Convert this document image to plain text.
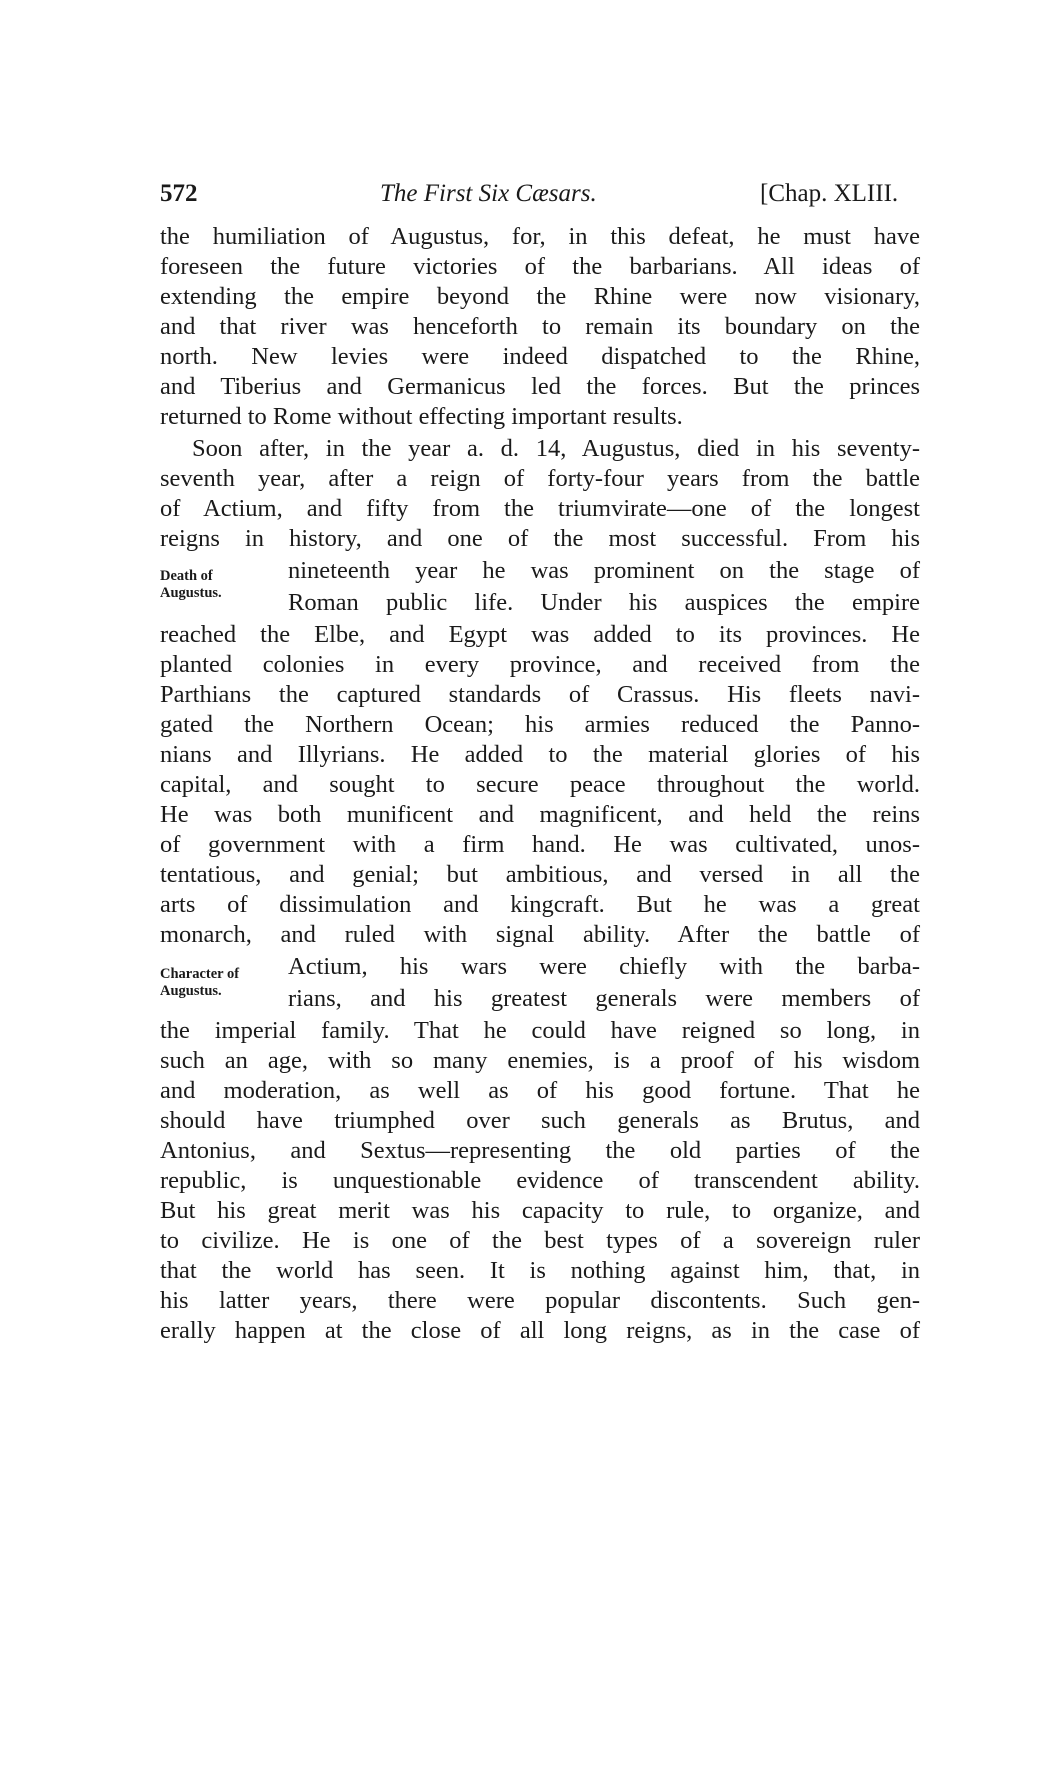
572	The First Six Cæsars.	[Chap. XLIII.
the humiliation of Augustus, for, in this defeat, he must have
foreseen the future victories of the barbarians. All ideas of
extending the empire beyond the Rhine were now visionary,
and that river was henceforth to remain its boundary on the
north. New levies were indeed dispatched to the Rhine,
and Tiberius and Germanicus led the forces. But the princes
returned to Rome without effecting important results.
Soon after, in the year a. d. 14, Augustus, died in his seventy-
seventh year, after a reign of forty-four years from the battle
of Actium, and fifty from the triumvirate—one of the longest
reigns in history, and one of the most successful. From his
nineteenth year he was prominent on the stage of
Roman public life. Under his auspices the empire
reached the Elbe, and Egypt was added to its provinces. He
planted colonies in every province, and received from the
Parthians the captured standards of Crassus. His fleets navi-
gated the Northern Ocean; his armies reduced the Panno-
nians and Illyrians. He added to the material glories of his
capital, and sought to secure peace throughout the world.
He was both munificent and magnificent, and held the reins
of government with a firm hand. He was cultivated, unos-
tentatious, and genial; but ambitious, and versed in all the
arts of dissimulation and kingcraft. But he was a great
monarch, and ruled with signal ability. After the battle of
Actium, his wars were chiefly with the barba-
rians, and his greatest generals were members of
the imperial family. That he could have reigned so long, in
such an age, with so many enemies, is a proof of his wisdom
and moderation, as well as of his good fortune. That he
should have triumphed over such generals as Brutus, and
Antonius, and Sextus—representing the old parties of the
republic, is unquestionable evidence of transcendent ability.
But his great merit was his capacity to rule, to organize, and
to civilize. He is one of the best types of a sovereign ruler
that the world has seen. It is nothing against him, that, in
his latter years, there were popular discontents. Such gen-
erally happen at the close of all long reigns, as in the case of
Death of
Augustus.
Character of
Augustus.
